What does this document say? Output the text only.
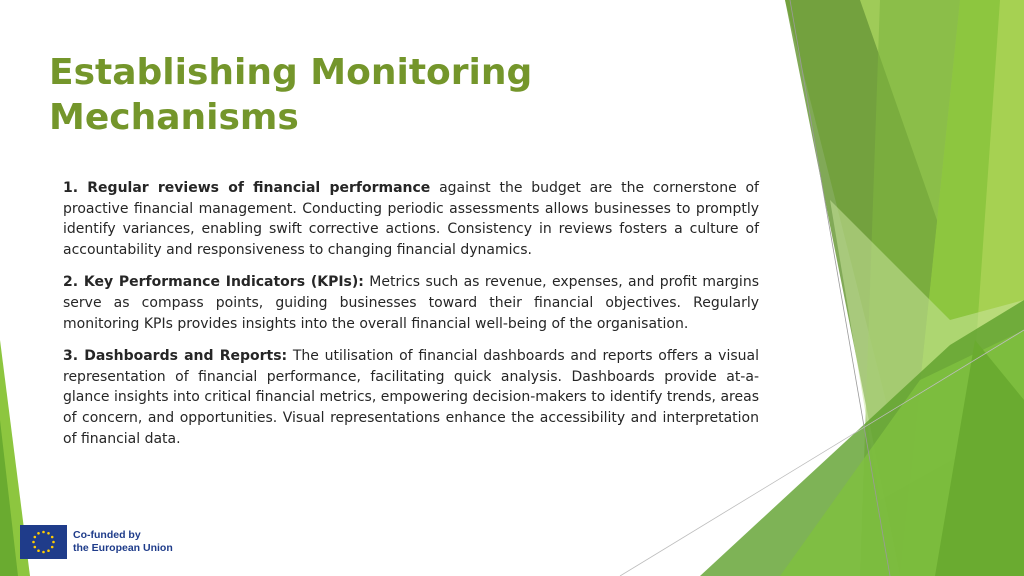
Establishing Monitoring Mechanisms

1. Regular reviews of financial performance against the budget are the cornerstone of proactive financial management. Conducting periodic assessments allows businesses to promptly identify variances, enabling swift corrective actions. Consistency in reviews fosters a culture of accountability and responsiveness to changing financial dynamics.

2. Key Performance Indicators (KPIs): Metrics such as revenue, expenses, and profit margins serve as compass points, guiding businesses toward their financial objectives. Regularly monitoring KPIs provides insights into the overall financial well-being of the organisation.

3. Dashboards and Reports: The utilisation of financial dashboards and reports offers a visual representation of financial performance, facilitating quick analysis. Dashboards provide at-a-glance insights into critical financial metrics, empowering decision-makers to identify trends, areas of concern, and opportunities. Visual representations enhance the accessibility and interpretation of financial data.

Co-funded by
the European Union
